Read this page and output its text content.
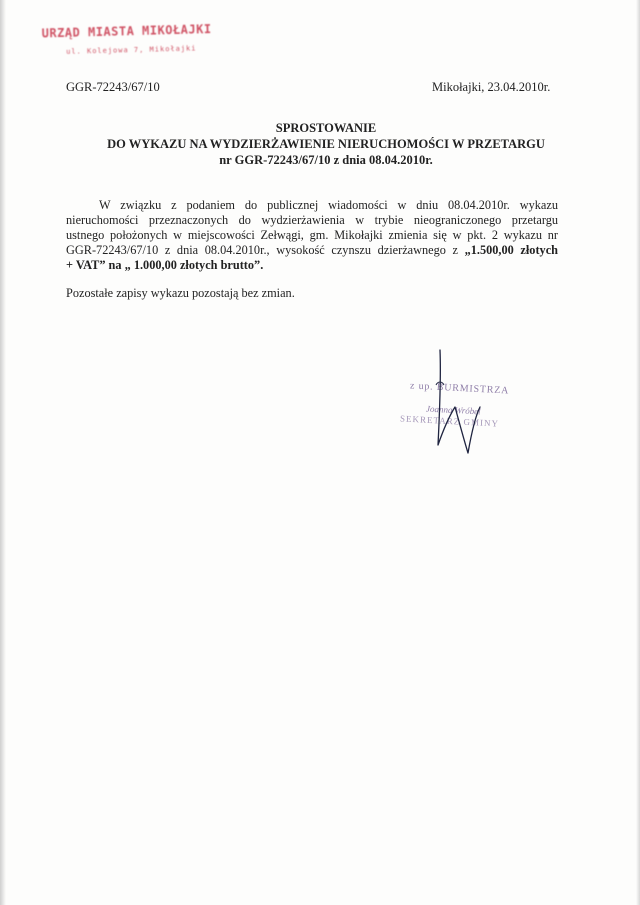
URZĄD MIASTA MIKOŁAJKI
ul. Kolejowa 7, Mikołajki
GGR-72243/67/10	Mikołajki, 23.04.2010r.
SPROSTOWANIE
DO WYKAZU NA WYDZIERŻAWIENIE NIERUCHOMOŚCI W PRZETARGU
nr GGR-72243/67/10 z dnia 08.04.2010r.
W związku z podaniem do publicznej wiadomości w dniu 08.04.2010r. wykazu
nieruchomości przeznaczonych do wydzierżawienia w trybie nieograniczonego przetargu
ustnego położonych w miejscowości Zełwągi, gm. Mikołajki zmienia się w pkt. 2 wykazu nr
GGR-72243/67/10 z dnia 08.04.2010r., wysokość czynszu dzierżawnego z „1.500,00 złotych
+ VAT” na „ 1.000,00 złotych brutto”.
Pozostałe zapisy wykazu pozostają bez zmian.
z up. BURMISTRZA
Joanna Wróbel
SEKRETARZ GMINY
